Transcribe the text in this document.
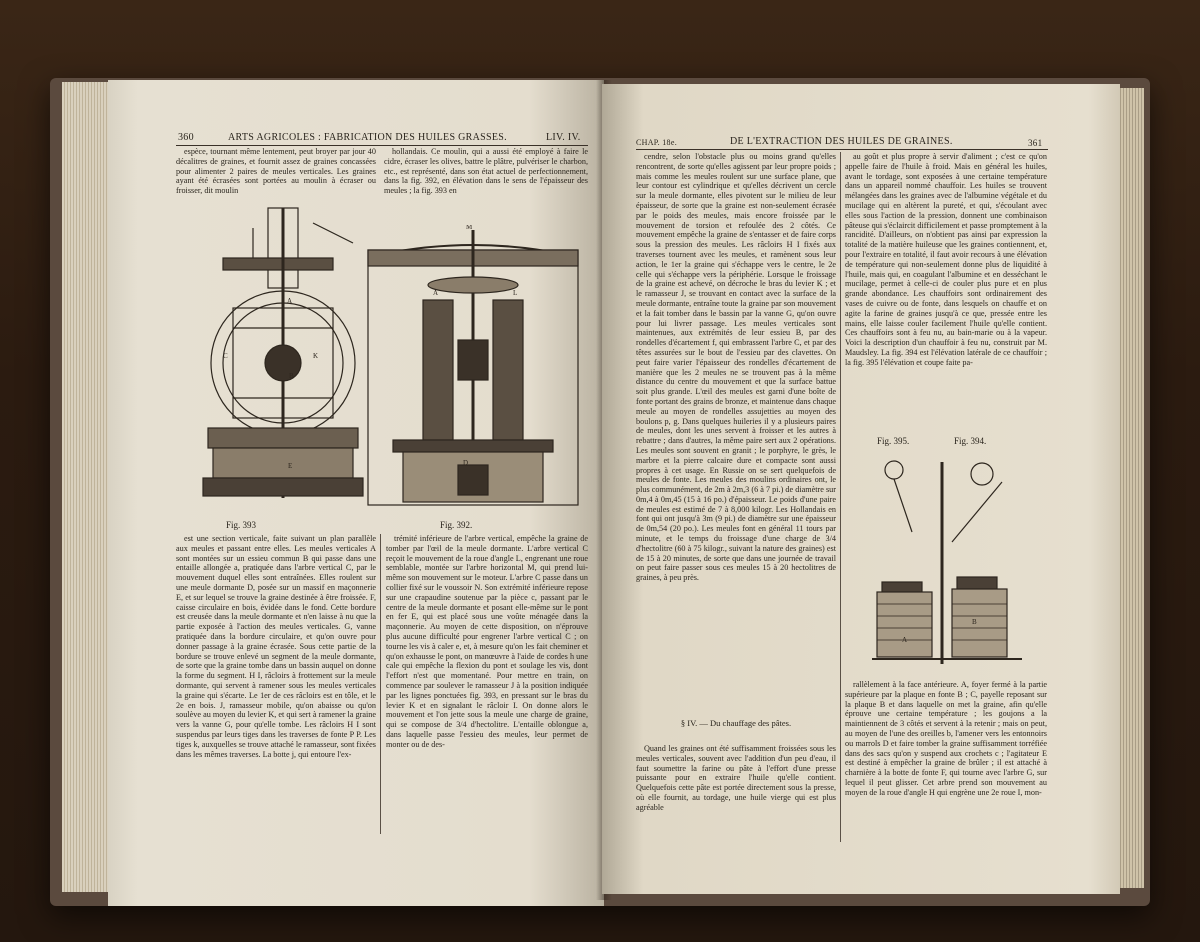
360	ARTS AGRICOLES : FABRICATION DES HUILES GRASSES.	LIV. IV.

espèce, tournant même lentement, peut broyer par jour 40 décalitres de graines, et fournit assez de graines concassées pour alimenter 2 paires de meules verticales. Les graines ayant été écrasées sont portées au moulin à écraser ou froisser, dit moulin

hollandais. Ce moulin, qui a aussi été employé à faire le cidre, écraser les olives, battre le plâtre, pulvériser le charbon, etc., est représenté, dans son état actuel de perfectionnement, dans la fig. 392, en élévation dans le sens de l'épaisseur des meules ; la fig. 393 en

A
B
C	K
E
M
A	L
D
Fig. 393	Fig. 392.

est une section verticale, faite suivant un plan parallèle aux meules et passant entre elles. Les meules verticales A sont montées sur un essieu commun B qui passe dans une entaille allongée a, pratiquée dans l'arbre vertical C, par le mouvement duquel elles sont entraînées. Elles roulent sur une meule dormante D, posée sur un massif en maçonnerie E, et sur lequel se trouve la graine destinée à être froissée. F, caisse circulaire en bois, évidée dans le fond. Cette bordure est creusée dans la meule dormante et n'en laisse à nu que la partie exposée à l'action des meules verticales. G, vanne pratiquée dans la bordure circulaire, et qu'on ouvre pour donner passage à la graine écrasée. Sous cette partie de la bordure se trouve enlevé un segment de la meule dormante, de sorte que la graine tombe dans un bassin auquel on donne la forme du segment. H I, râcloirs à frottement sur la meule dormante, qui servent à ramener sous les meules verticales la graine qui s'écarte. Le 1er de ces râcloirs est en tôle, et le 2e en bois. J, ramasseur mobile, qu'on abaisse ou qu'on soulève au moyen du levier K, et qui sert à ramener la graine vers la vanne G, pour qu'elle tombe. Les râcloirs H I sont suspendus par leurs tiges dans les traverses de fonte P P. Les tiges k, auxquelles se trouve attaché le ramasseur, sont fixées dans les mêmes traverses. La botte j, qui entoure l'ex-

trémité inférieure de l'arbre vertical, empêche la graine de tomber par l'œil de la meule dormante. L'arbre vertical C reçoit le mouvement de la roue d'angle L, engrenant une roue semblable, montée sur l'arbre horizontal M, qui prend lui-même son mouvement sur le moteur. L'arbre C passe dans un collier fixé sur le voussoir N. Son extrémité inférieure repose sur une crapaudine soutenue par la pièce c, passant par le centre de la meule dormante et posant elle-même sur le pont en fer E, qui est placé sous une voûte ménagée dans la maçonnerie. Au moyen de cette disposition, on n'éprouve plus aucune difficulté pour engrener l'arbre vertical C ; on tourne les vis à caler e, et, à mesure qu'on les fait cheminer et qu'on exhausse le pont, on manœuvre à l'aide de cordes h une cale qui empêche la flexion du pont et soulage les vis, dont l'effort n'est que momentané. Pour mettre en train, on commence par soulever le ramasseur J à la position indiquée par les lignes ponctuées fig. 393, en pressant sur le bras du levier K et en signalant le râcloir I. On donne alors le mouvement et l'on jette sous la meule une charge de graine, qui se compose de 3/4 d'hectolitre. L'entaille oblongue a, dans laquelle passe l'essieu des meules, leur permet de monter ou de des-

CHAP. 18e.	DE L'EXTRACTION DES HUILES DE GRAINES.	361

cendre, selon l'obstacle plus ou moins grand qu'elles rencontrent, de sorte qu'elles agissent par leur propre poids ; mais comme les meules roulent sur une surface plane, que leur contour est cylindrique et qu'elles décrivent un cercle sur la meule dormante, elles pivotent sur le milieu de leur épaisseur, de sorte que la graine est non-seulement écrasée par le poids des meules, mais encore froissée par le mouvement de torsion et refoulée des 2 côtés. Ce mouvement empêche la graine de s'entasser et de faire corps sous la pression des meules. Les râcloirs H I fixés aux traverses tournent avec les meules, et ramènent sous leur action, le 1er la graine qui s'échappe vers le centre, le 2e celle qui s'échappe vers la périphérie. Lorsque le froissage de la graine est achevé, on décroche le bras du levier K ; et le ramasseur J, se trouvant en contact avec la surface de la meule dormante, entraîne toute la graine par son mouvement et la fait tomber dans le bassin par la vanne G, qu'on ouvre pour lui livrer passage. Les meules verticales sont maintenues, aux extrémités de leur essieu B, par des rondelles d'écartement f, qui embrassent l'arbre C, et par des têtes assurées sur le bout de l'essieu par des clavettes. On peut faire varier l'épaisseur des rondelles d'écartement de manière que les 2 meules ne se trouvent pas à la même distance du centre du mouvement et que la surface battue soit plus grande. L'œil des meules est garni d'une boîte de fonte portant des grains de bronze, et maintenue dans chaque meule au moyen de rondelles assujetties au moyen des boulons p, g. Dans quelques huileries il y a plusieurs paires de meules, dont les unes servent à froisser et les autres à rebattre ; dans d'autres, la même paire sert aux 2 opérations. Les meules sont souvent en granit ; le porphyre, le grès, le marbre et la pierre calcaire dure et compacte sont aussi propres à cet usage. En Russie on se sert quelquefois de meules de fonte. Les meules des moulins ordinaires ont, le plus communément, de 2m à 2m,3 (6 à 7 pi.) de diamètre sur 0m,4 à 0m,45 (15 à 16 po.) d'épaisseur. Le poids d'une paire de meules est estimé de 7 à 8,000 kilogr. Les Hollandais en font qui ont jusqu'à 3m (9 pi.) de diamètre sur une épaisseur de 0m,54 (20 po.). Les meules font en général 11 tours par minute, et le temps du froissage d'une charge de 3/4 d'hectolitre (60 à 75 kilogr., suivant la nature des graines) est de 15 à 20 minutes, de sorte que dans une journée de travail on peut faire passer sous ces meules 15 à 20 hectolitres de graines, à peu près.

§ IV. — Du chauffage des pâtes.

Quand les graines ont été suffisamment froissées sous les meules verticales, souvent avec l'addition d'un peu d'eau, il faut soumettre la farine ou pâte à l'effort d'une presse puissante pour en extraire l'huile qu'elle contient. Quelquefois cette pâte est portée directement sous la presse, où elle fournit, au tordage, une huile vierge qui est plus agréable

au goût et plus propre à servir d'aliment ; c'est ce qu'on appelle faire de l'huile à froid. Mais en général les huiles, avant le tordage, sont exposées à une certaine température dans un appareil nommé chauffoir. Les huiles se trouvent mélangées dans les graines avec de l'albumine végétale et du mucilage qui en altèrent la pureté, et qui, s'écoulant avec elles sous l'action de la pression, donnent une combinaison pâteuse qui s'éclaircit difficilement et passe promptement à la rancidité. D'ailleurs, on n'obtient pas ainsi par expression la totalité de la matière huileuse que les graines contiennent, et, pour l'extraire en totalité, il faut avoir recours à une élévation de température qui non-seulement donne plus de liquidité à l'huile, mais qui, en coagulant l'albumine et en desséchant le mucilage, permet à celle-ci de couler plus pure et en plus grande abondance. Les chauffoirs sont ordinairement des vases de cuivre ou de fonte, dans lesquels on chauffe et on agite la farine de graines jusqu'à ce que, pressée entre les mains, elle laisse couler facilement l'huile qu'elle contient. Ces chauffoirs sont à feu nu, au bain-marie ou à la vapeur. Voici la description d'un chauffoir à feu nu, construit par M. Maudsley. La fig. 394 est l'élévation latérale de ce chauffoir ; la fig. 395 l'élévation et coupe faite pa-

Fig. 395.	Fig. 394.
A
B

rallèlement à la face antérieure. A, foyer fermé à la partie supérieure par la plaque en fonte B ; C, payelle reposant sur la plaque B et dans laquelle on met la graine, afin qu'elle éprouve une certaine température ; les goujons a la maintiennent de 3 côtés et servent à la retenir ; mais on peut, au moyen de l'une des oreilles b, l'amener vers les entonnoirs ou marrols D et faire tomber la graine suffisamment torréfiée dans des sacs qu'on y suspend aux crochets c ; l'agitateur E est destiné à empêcher la graine de brûler ; il est attaché à charnière à la botte de fonte F, qui tourne avec l'arbre G, sur lequel il peut glisser. Cet arbre prend son mouvement au moyen de la roue d'angle H qui engrène une 2e roue I, mon-
